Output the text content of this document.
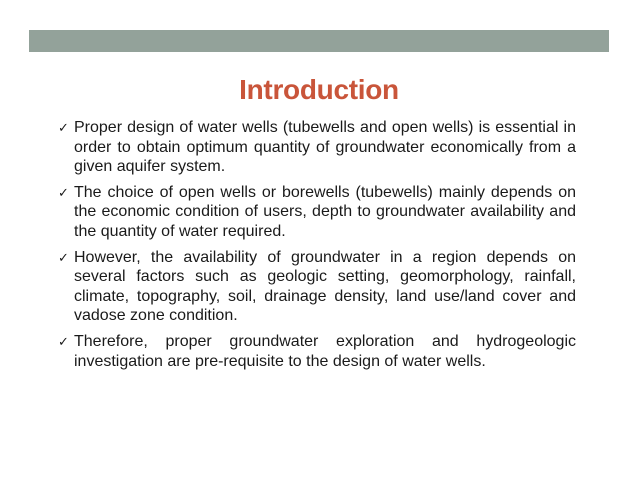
Introduction
✓ Proper design of water wells (tubewells and open wells) is essential in order to obtain optimum quantity of groundwater economically from a given aquifer system.
✓ The choice of open wells or borewells (tubewells) mainly depends on the economic condition of users, depth to groundwater availability and the quantity of water required.
✓ However, the availability of groundwater in a region depends on several factors such as geologic setting, geomorphology, rainfall, climate, topography, soil, drainage density, land use/land cover and vadose zone condition.
✓ Therefore, proper groundwater exploration and hydrogeologic investigation are pre-requisite to the design of water wells.
